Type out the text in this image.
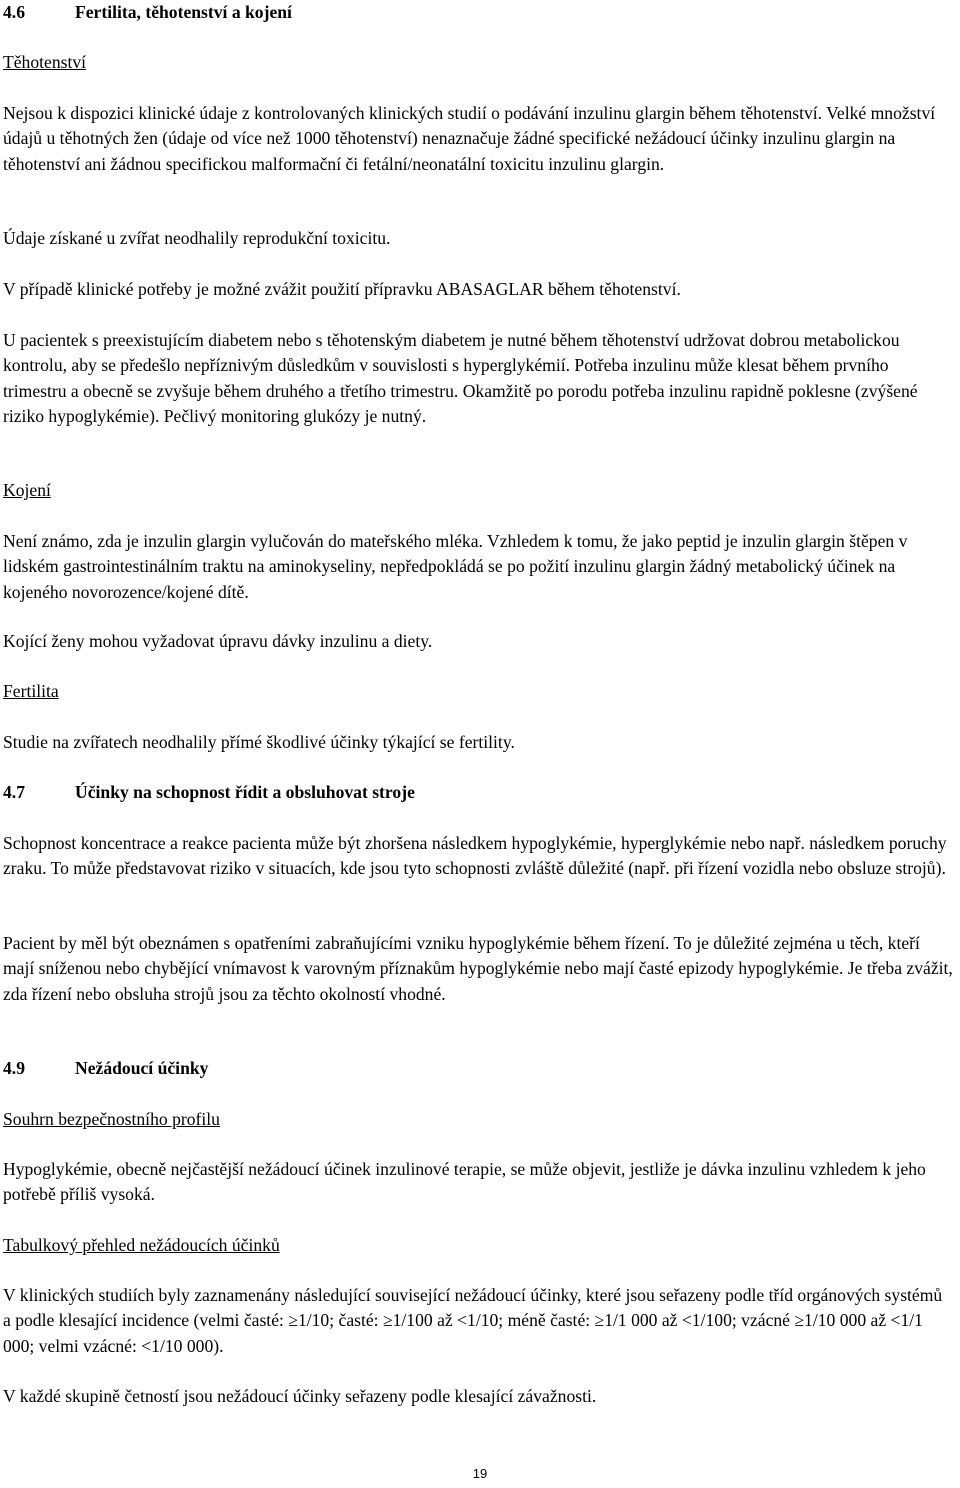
4.6	Fertilita, těhotenství a kojení

Těhotenství

Nejsou k dispozici klinické údaje z kontrolovaných klinických studií o podávání inzulinu glargin během těhotenství. Velké množství údajů u těhotných žen (údaje od více než 1000 těhotenství) nenaznačuje žádné specifické nežádoucí účinky inzulinu glargin na těhotenství ani žádnou specifickou malformační či fetální/neonatální toxicitu inzulinu glargin.

Údaje získané u zvířat neodhalily reprodukční toxicitu.

V případě klinické potřeby je možné zvážit použití přípravku ABASAGLAR během těhotenství.

U pacientek s preexistujícím diabetem nebo s těhotenským diabetem je nutné během těhotenství udržovat dobrou metabolickou kontrolu, aby se předešlo nepříznivým důsledkům v souvislosti s hyperglykémií. Potřeba inzulinu může klesat během prvního trimestru a obecně se zvyšuje během druhého a třetího trimestru. Okamžitě po porodu potřeba inzulinu rapidně poklesne (zvýšené riziko hypoglykémie). Pečlivý monitoring glukózy je nutný.

Kojení

Není známo, zda je inzulin glargin vylučován do mateřského mléka. Vzhledem k tomu, že jako peptid je inzulin glargin štěpen v lidském gastrointestinálním traktu na aminokyseliny, nepředpokládá se po požití inzulinu glargin žádný metabolický účinek na kojeného novorozence/kojené dítě.

Kojící ženy mohou vyžadovat úpravu dávky inzulinu a diety.

Fertilita

Studie na zvířatech neodhalily přímé škodlivé účinky týkající se fertility.

4.7	Účinky na schopnost řídit a obsluhovat stroje

Schopnost koncentrace a reakce pacienta může být zhoršena následkem hypoglykémie, hyperglykémie nebo např. následkem poruchy zraku. To může představovat riziko v situacích, kde jsou tyto schopnosti zvláště důležité (např. při řízení vozidla nebo obsluze strojů).

Pacient by měl být obeznámen s opatřeními zabraňujícími vzniku hypoglykémie během řízení. To je důležité zejména u těch, kteří mají sníženou nebo chybějící vnímavost k varovným příznakům hypoglykémie nebo mají časté epizody hypoglykémie. Je třeba zvážit, zda řízení nebo obsluha strojů jsou za těchto okolností vhodné.

4.9	Nežádoucí účinky

Souhrn bezpečnostního profilu

Hypoglykémie, obecně nejčastější nežádoucí účinek inzulinové terapie, se může objevit, jestliže je dávka inzulinu vzhledem k jeho potřebě příliš vysoká.

Tabulkový přehled nežádoucích účinků

V klinických studiích byly zaznamenány následující související nežádoucí účinky, které jsou seřazeny podle tříd orgánových systémů a podle klesající incidence (velmi časté: ≥1/10; časté: ≥1/100 až <1/10; méně časté: ≥1/1 000 až <1/100; vzácné ≥1/10 000 až <1/1 000; velmi vzácné: <1/10 000).

V každé skupině četností jsou nežádoucí účinky seřazeny podle klesající závažnosti.

19
